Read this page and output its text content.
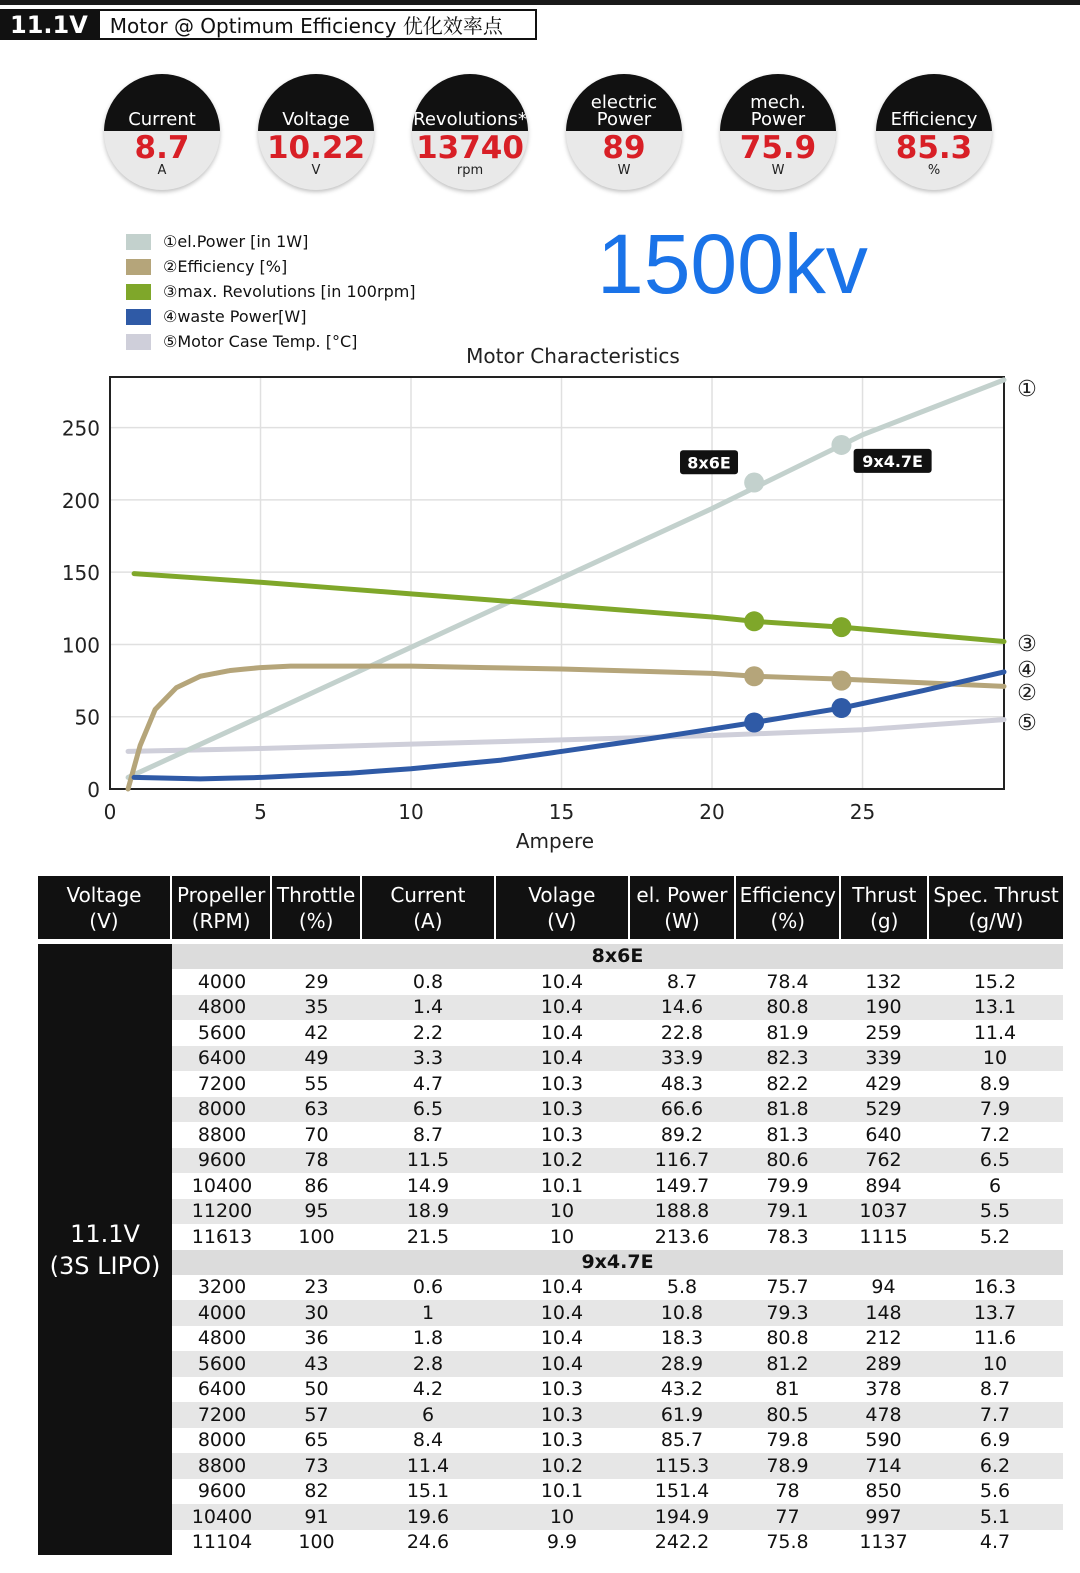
11.1V	Motor @ Optimum Efficiency 优化效率点
Current
8.7
A
Voltage
10.22
V
Revolutions*
13740
rpm
electric
Power
89
W
mech.
Power
75.9
W
Efficiency
85.3
%
①el.Power [in 1W]
②Efficiency [%]
③max. Revolutions [in 100rpm]
④waste Power[W]
⑤Motor Case Temp. [°C]
1500kv
Motor Characteristics
0	5	10	15	20	25
0
50
100
150
200
250
8x6E	9x4.7E
①
③
④
②
⑤
Ampere
Voltage
(V)
Propeller
(RPM)
Throttle
(%)
Current
(A)
Volage
(V)
el. Power
(W)
Efficiency
(%)
Thrust
(g)
Spec. Thrust
(g/W)
11.1V
(3S LIPO)
8x6E
4000	29	0.8	10.4	8.7	78.4	132	15.2
4800	35	1.4	10.4	14.6	80.8	190	13.1
5600	42	2.2	10.4	22.8	81.9	259	11.4
6400	49	3.3	10.4	33.9	82.3	339	10
7200	55	4.7	10.3	48.3	82.2	429	8.9
8000	63	6.5	10.3	66.6	81.8	529	7.9
8800	70	8.7	10.3	89.2	81.3	640	7.2
9600	78	11.5	10.2	116.7	80.6	762	6.5
10400	86	14.9	10.1	149.7	79.9	894	6
11200	95	18.9	10	188.8	79.1	1037	5.5
11613	100	21.5	10	213.6	78.3	1115	5.2
9x4.7E
3200	23	0.6	10.4	5.8	75.7	94	16.3
4000	30	1	10.4	10.8	79.3	148	13.7
4800	36	1.8	10.4	18.3	80.8	212	11.6
5600	43	2.8	10.4	28.9	81.2	289	10
6400	50	4.2	10.3	43.2	81	378	8.7
7200	57	6	10.3	61.9	80.5	478	7.7
8000	65	8.4	10.3	85.7	79.8	590	6.9
8800	73	11.4	10.2	115.3	78.9	714	6.2
9600	82	15.1	10.1	151.4	78	850	5.6
10400	91	19.6	10	194.9	77	997	5.1
11104	100	24.6	9.9	242.2	75.8	1137	4.7
